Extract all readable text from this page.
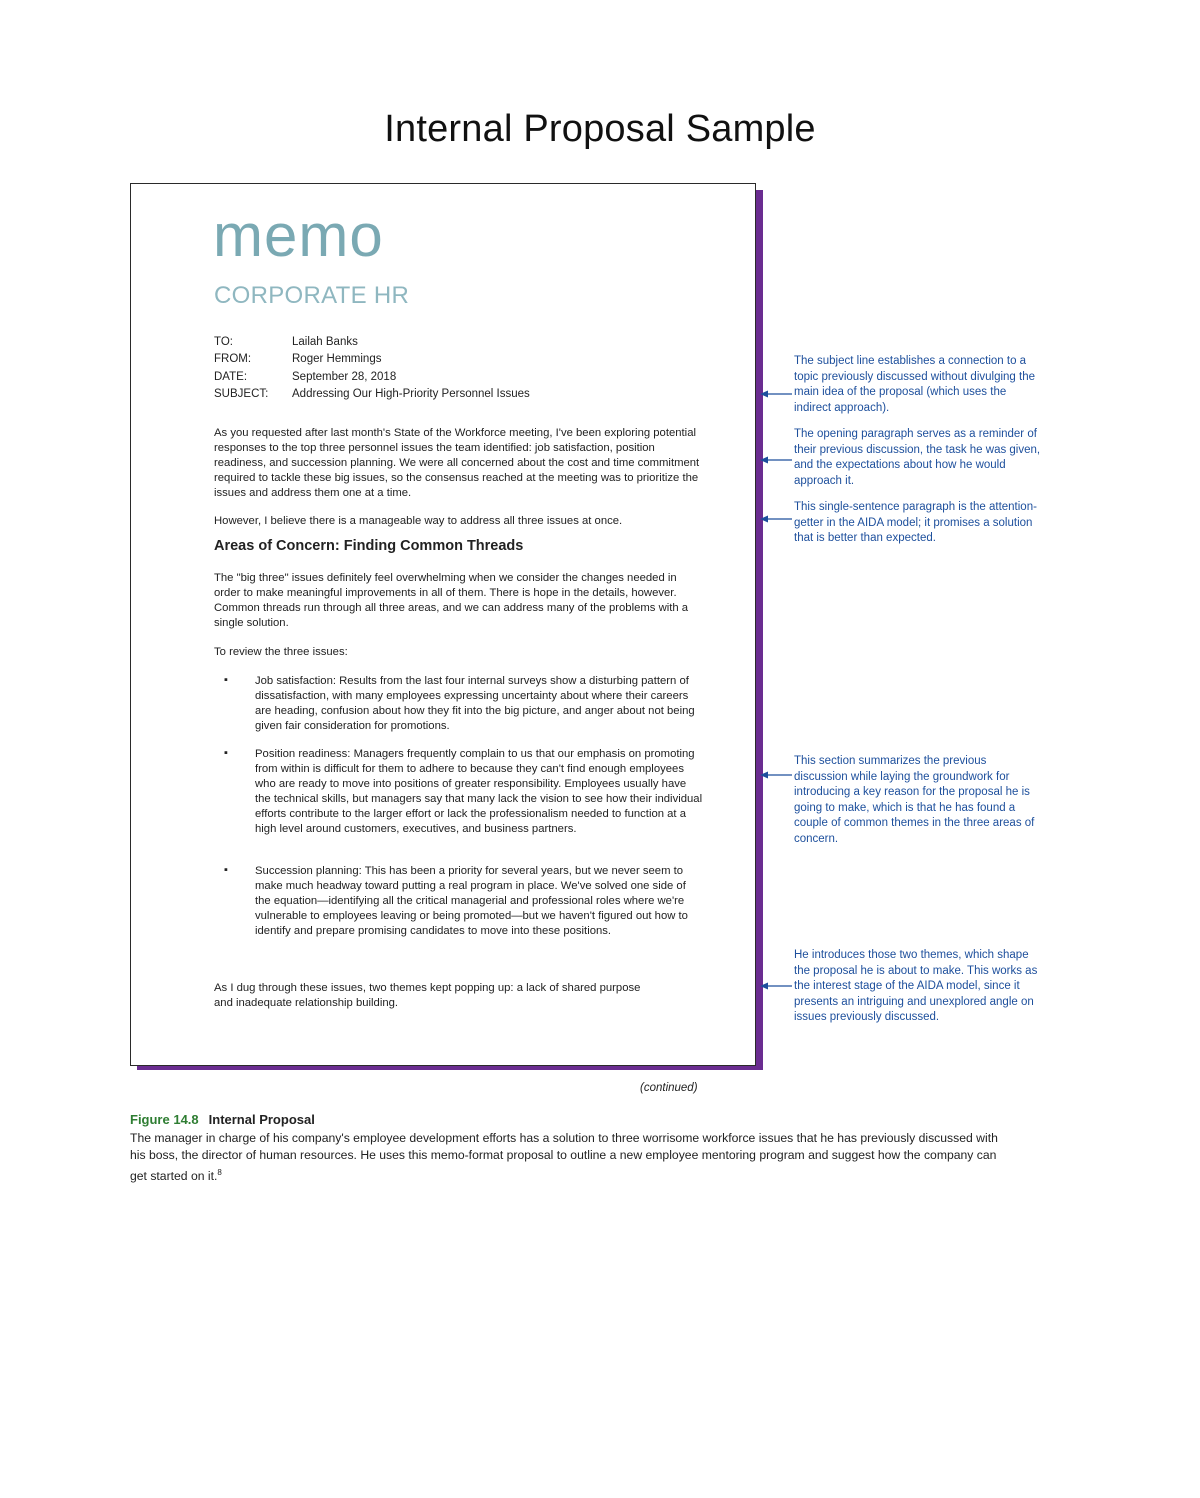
Internal Proposal Sample
memo
CORPORATE HR
TO:	Lailah Banks
FROM:	Roger Hemmings
DATE:	September 28, 2018
SUBJECT: Addressing Our High-Priority Personnel Issues

As you requested after last month's State of the Workforce meeting, I've been exploring potential responses to the top three personnel issues the team identified: job satisfaction, position readiness, and succession planning. We were all concerned about the cost and time commitment required to tackle these big issues, so the consensus reached at the meeting was to prioritize the issues and address them one at a time.

However, I believe there is a manageable way to address all three issues at once.

Areas of Concern: Finding Common Threads

The "big three" issues definitely feel overwhelming when we consider the changes needed in order to make meaningful improvements in all of them. There is hope in the details, however. Common threads run through all three areas, and we can address many of the problems with a single solution.

To review the three issues:

▪ Job satisfaction: Results from the last four internal surveys show a disturbing pattern of dissatisfaction, with many employees expressing uncertainty about where their careers are heading, confusion about how they fit into the big picture, and anger about not being given fair consideration for promotions.

▪ Position readiness: Managers frequently complain to us that our emphasis on promoting from within is difficult for them to adhere to because they can't find enough employees who are ready to move into positions of greater responsibility. Employees usually have the technical skills, but managers say that many lack the vision to see how their individual efforts contribute to the larger effort or lack the professionalism needed to function at a high level around customers, executives, and business partners.

▪ Succession planning: This has been a priority for several years, but we never seem to make much headway toward putting a real program in place. We've solved one side of the equation—identifying all the critical managerial and professional roles where we're vulnerable to employees leaving or being promoted—but we haven't figured out how to identify and prepare promising candidates to move into these positions.

As I dug through these issues, two themes kept popping up: a lack of shared purpose and inadequate relationship building.

(continued)

The subject line establishes a connection to a topic previously discussed without divulging the main idea of the proposal (which uses the indirect approach).

The opening paragraph serves as a reminder of their previous discussion, the task he was given, and the expectations about how he would approach it.

This single-sentence paragraph is the attention-getter in the AIDA model; it promises a solution that is better than expected.

This section summarizes the previous discussion while laying the groundwork for introducing a key reason for the proposal he is going to make, which is that he has found a couple of common themes in the three areas of concern.

He introduces those two themes, which shape the proposal he is about to make. This works as the interest stage of the AIDA model, since it presents an intriguing and unexplored angle on issues previously discussed.

Figure 14.8 Internal Proposal

The manager in charge of his company's employee development efforts has a solution to three worrisome workforce issues that he has previously discussed with his boss, the director of human resources. He uses this memo-format proposal to outline a new employee mentoring program and suggest how the company can get started on it.$^8$
